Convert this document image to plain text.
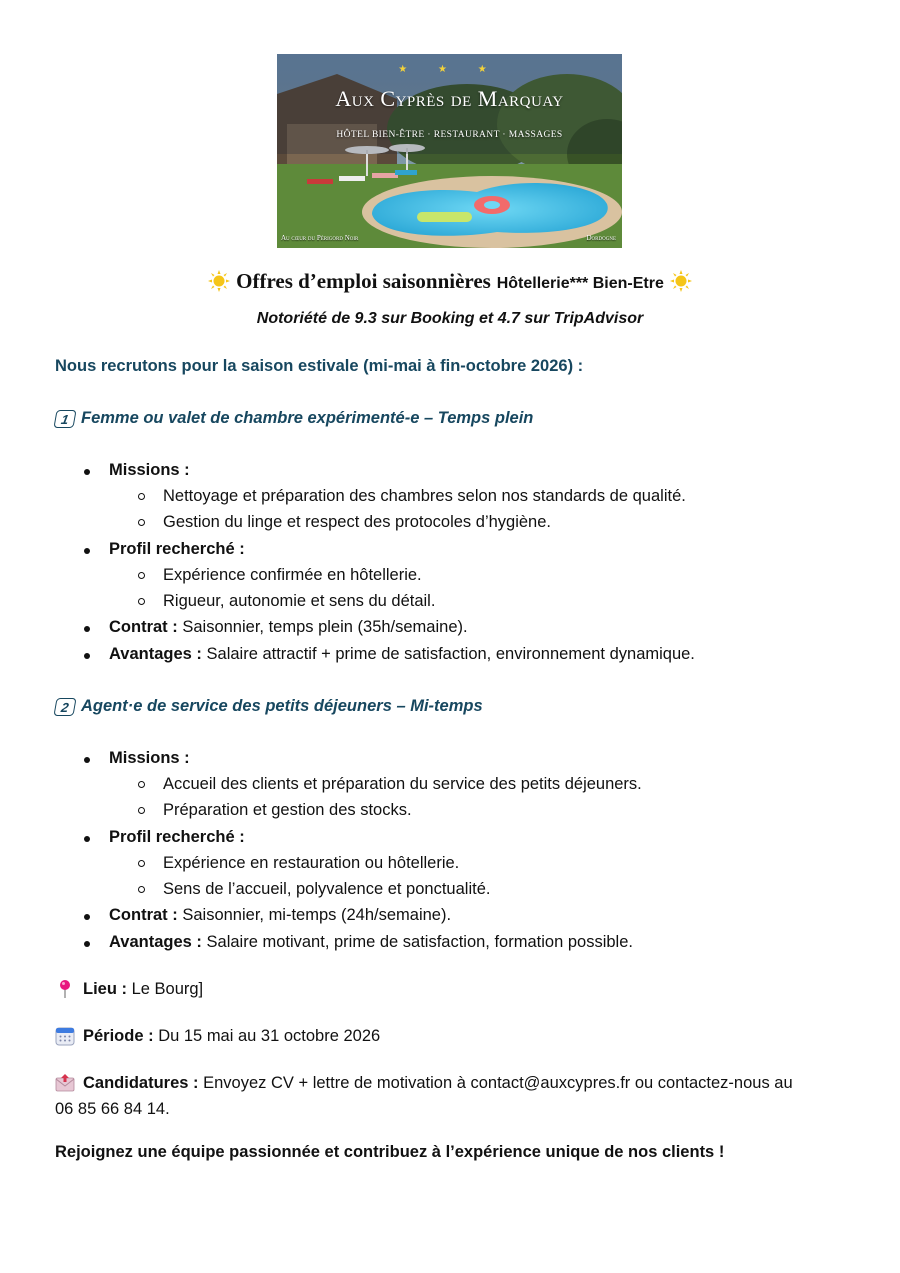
★ ★ ★
Aux Cyprès de Marquay
HÔTEL BIEN-ÊTRE · RESTAURANT · MASSAGES
Au cœur du Périgord Noir	Dordogne
Offres d’emploi saisonnières Hôtellerie*** Bien-Etre
Notoriété de 9.3 sur Booking et 4.7 sur TripAdvisor
Nous recrutons pour la saison estivale (mi-mai à fin-octobre 2026) :
1 Femme ou valet de chambre expérimenté-e – Temps plein
Missions :
Nettoyage et préparation des chambres selon nos standards de qualité.
Gestion du linge et respect des protocoles d’hygiène.
Profil recherché :
Expérience confirmée en hôtellerie.
Rigueur, autonomie et sens du détail.
Contrat : Saisonnier, temps plein (35h/semaine).
Avantages : Salaire attractif + prime de satisfaction, environnement dynamique.
2 Agent·e de service des petits déjeuners – Mi-temps
Missions :
Accueil des clients et préparation du service des petits déjeuners.
Préparation et gestion des stocks.
Profil recherché :
Expérience en restauration ou hôtellerie.
Sens de l’accueil, polyvalence et ponctualité.
Contrat : Saisonnier, mi-temps (24h/semaine).
Avantages : Salaire motivant, prime de satisfaction, formation possible.
Lieu :
Le Bourg]
Période :
Du 15 mai au 31 octobre 2026
Candidatures :
Envoyez CV + lettre de motivation à contact@auxcypres.fr ou contactez-nous au
06 85 66 84 14.
Rejoignez une équipe passionnée et contribuez à l’expérience unique de nos clients !
